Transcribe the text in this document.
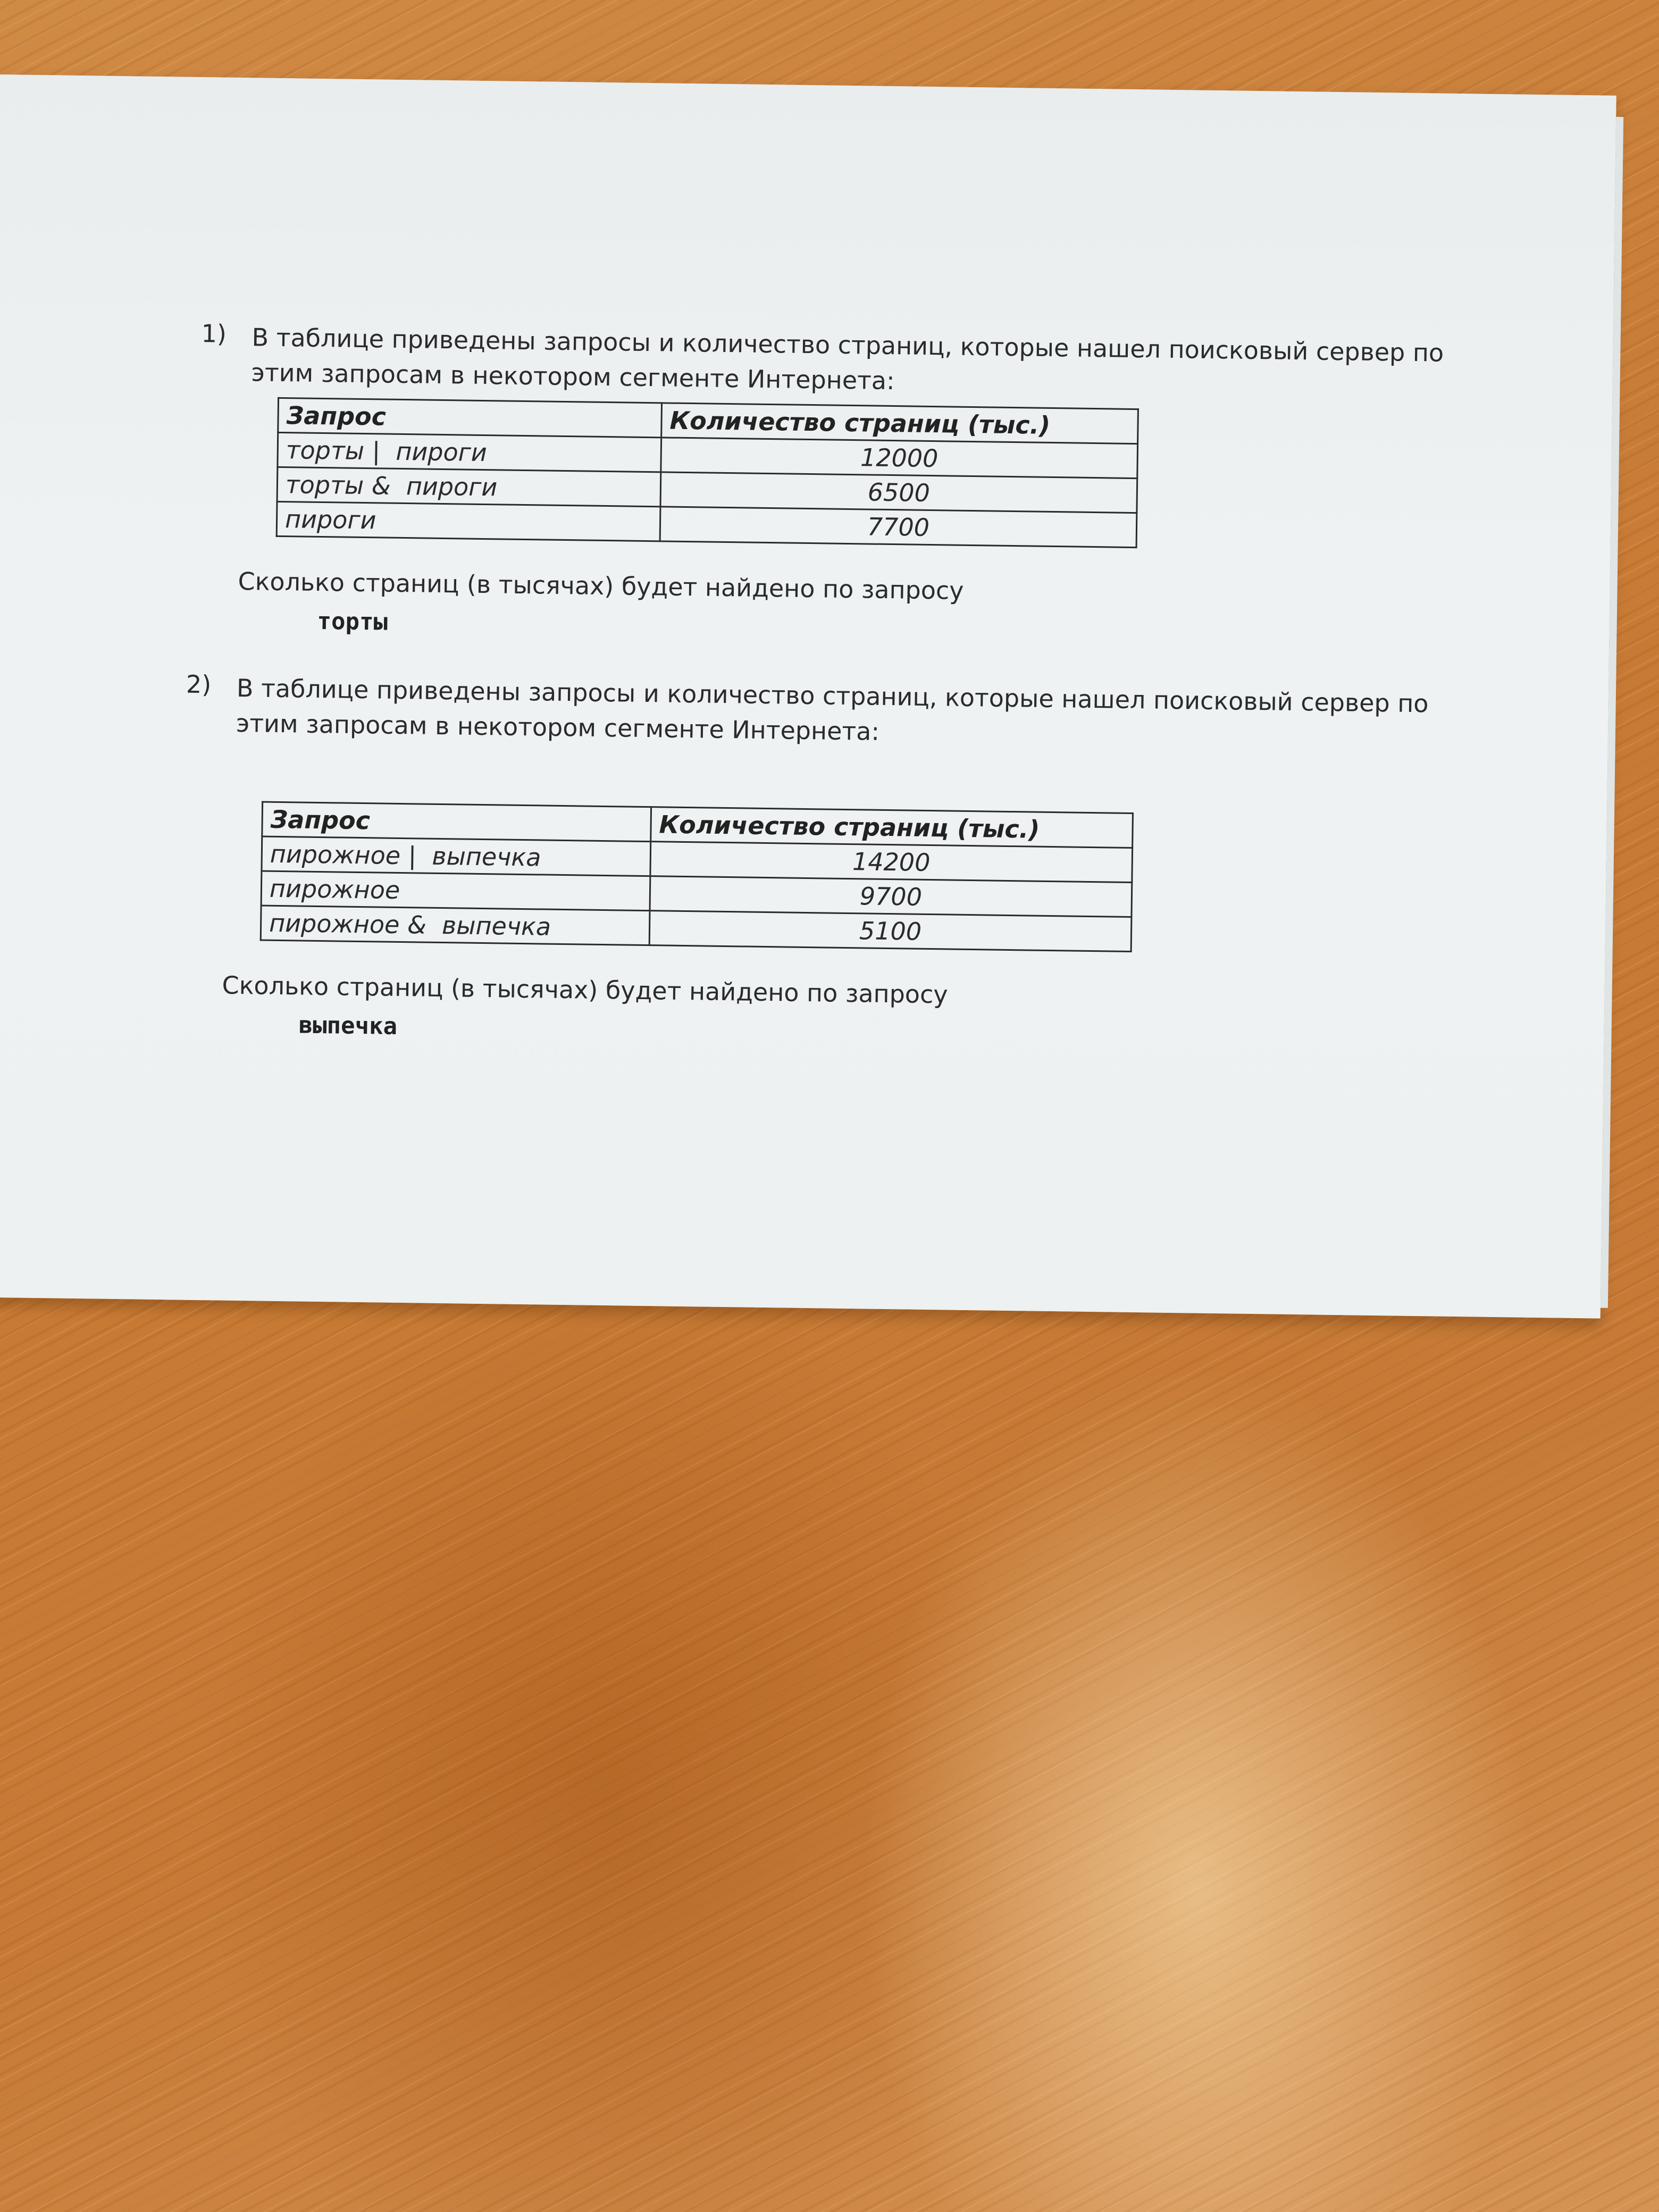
1) В таблице приведены запросы и количество страниц, которые нашел поисковый сервер по этим запросам в некотором сегменте Интернета:
Запрос	Количество страниц (тыс.)
торты |  пироги	12000
торты &  пироги	6500
пироги	7700
Сколько страниц (в тысячах) будет найдено по запросу
торты
2) В таблице приведены запросы и количество страниц, которые нашел поисковый сервер по этим запросам в некотором сегменте Интернета:
Запрос	Количество страниц (тыс.)
пирожное |  выпечка	14200
пирожное	9700
пирожное &  выпечка	5100
Сколько страниц (в тысячах) будет найдено по запросу
выпечка
